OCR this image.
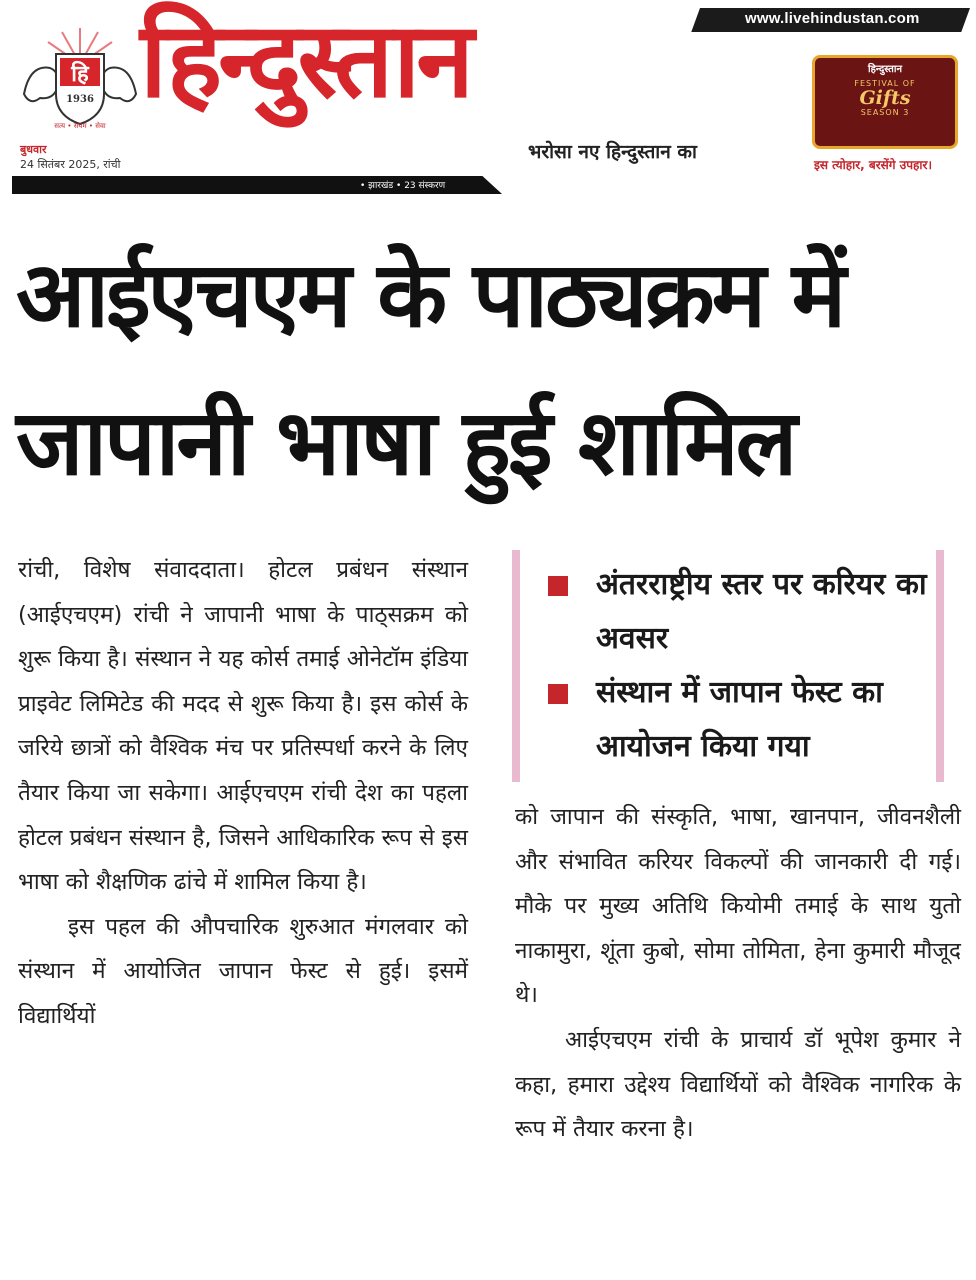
www.livehindustan.com
हि
1936
सत्य • संयम • सेवा
हिन्दुस्तान
भरोसा नए हिन्दुस्तान का
बुधवार
24 सितंबर 2025, रांची
• झारखंड • 23 संस्करण
हिन्दुस्तान
FESTIVAL OF
Gifts
SEASON 3
इस त्योहार, बरसेंगे उपहार।
आईएचएम के पाठ्यक्रम में
जापानी भाषा हुई शामिल

रांची, विशेष संवाददाता। होटल प्रबंधन संस्थान (आईएचएम) रांची ने जापानी भाषा के पाठ्सक्रम को शुरू किया है। संस्थान ने यह कोर्स तमाई ओनेटॉम इंडिया प्राइवेट लिमिटेड की मदद से शुरू किया है। इस कोर्स के जरिये छात्रों को वैश्विक मंच पर प्रतिस्पर्धा करने के लिए तैयार किया जा सकेगा। आईएचएम रांची देश का पहला होटल प्रबंधन संस्थान है, जिसने आधिकारिक रूप से इस भाषा को शैक्षणिक ढांचे में शामिल किया है।

इस पहल की औपचारिक शुरुआत मंगलवार को संस्थान में आयोजित जापान फेस्ट से हुई। इसमें विद्यार्थियों

अंतरराष्ट्रीय स्तर पर करियर का अवसर
संस्थान में जापान फेस्ट का आयोजन किया गया

को जापान की संस्कृति, भाषा, खानपान, जीवनशैली और संभावित करियर विकल्पों की जानकारी दी गई। मौके पर मुख्य अतिथि कियोमी तमाई के साथ युतो नाकामुरा, शूंता कुबो, सोमा तोमिता, हेना कुमारी मौजूद थे।

आईएचएम रांची के प्राचार्य डॉ भूपेश कुमार ने कहा, हमारा उद्देश्य विद्यार्थियों को वैश्विक नागरिक के रूप में तैयार करना है।
